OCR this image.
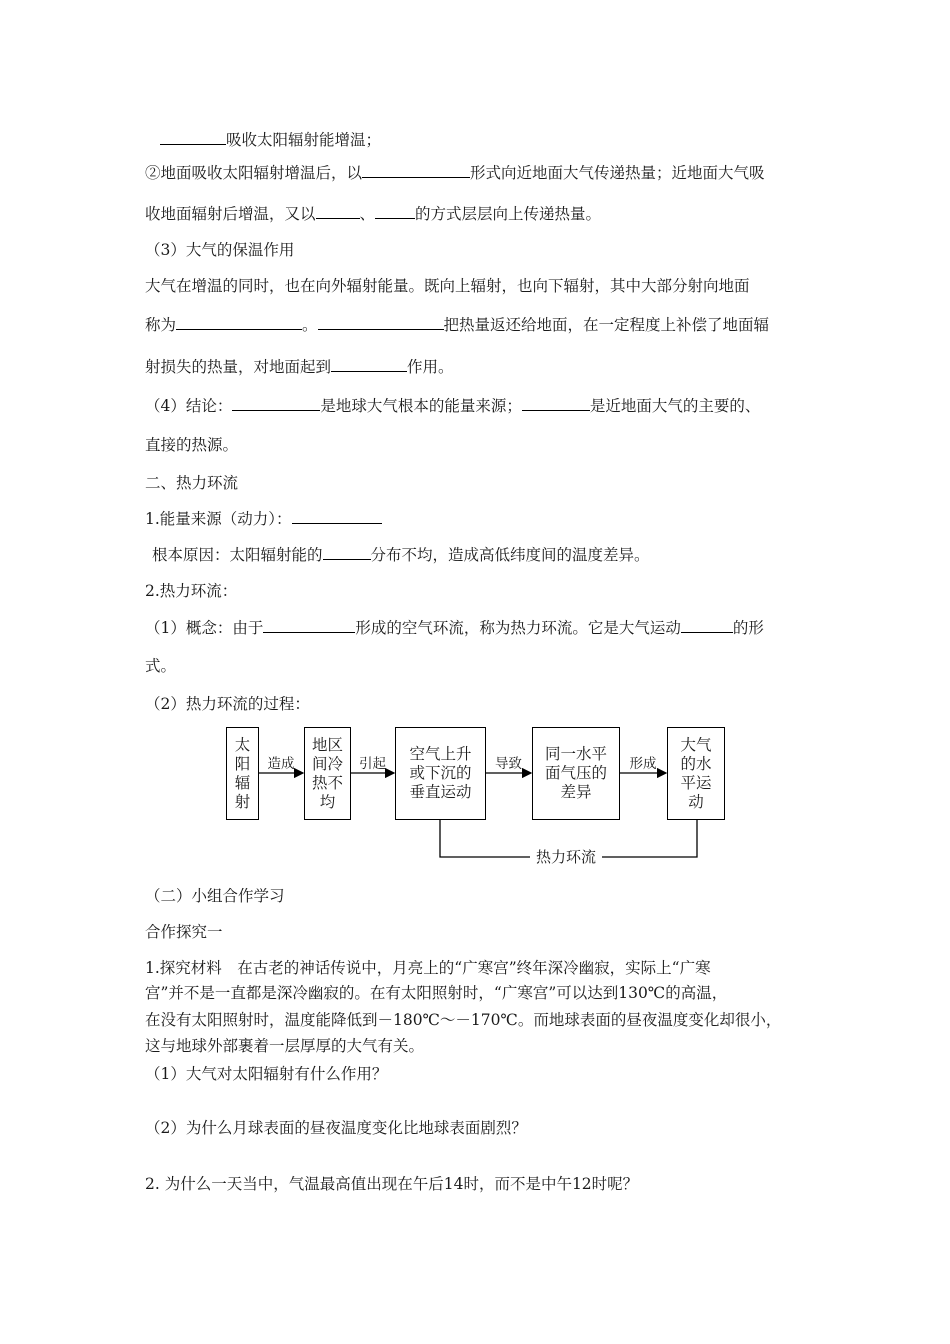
吸收太阳辐射能增温；
②地面吸收太阳辐射增温后，以	形式向近地面大气传递热量；近地面大气吸
收地面辐射后增温，又以	、	的方式层层向上传递热量。
（3）大气的保温作用
大气在增温的同时，也在向外辐射能量。既向上辐射，也向下辐射，其中大部分射向地面
称为	。	把热量返还给地面，在一定程度上补偿了地面辐
射损失的热量，对地面起到	作用。
（4）结论：	是地球大气根本的能量来源；	是近地面大气的主要的、
直接的热源。
二、热力环流
1.能量来源（动力）：
根本原因：太阳辐射能的	分布不均，造成高低纬度间的温度差异。
2.热力环流：
（1）概念：由于	形成的空气环流，称为热力环流。它是大气运动	的形
式。
（2）热力环流的过程：
太
阳
辐
射
地区
间冷
热不
均
空气上升
或下沉的
垂直运动
同一水平
面气压的
差异
大气
的水
平运
动
造成	引起	导致	形成
热力环流
（二）小组合作学习
合作探究一
1.探究材料　在古老的神话传说中，月亮上的“广寒宫”终年深冷幽寂，实际上“广寒
宫”并不是一直都是深冷幽寂的。在有太阳照射时，“广寒宫”可以达到130℃的高温，
在没有太阳照射时，温度能降低到－180℃～－170℃。而地球表面的昼夜温度变化却很小，
这与地球外部裹着一层厚厚的大气有关。
（1）大气对太阳辐射有什么作用？
（2）为什么月球表面的昼夜温度变化比地球表面剧烈？
2. 为什么一天当中，气温最高值出现在午后14时，而不是中午12时呢？
